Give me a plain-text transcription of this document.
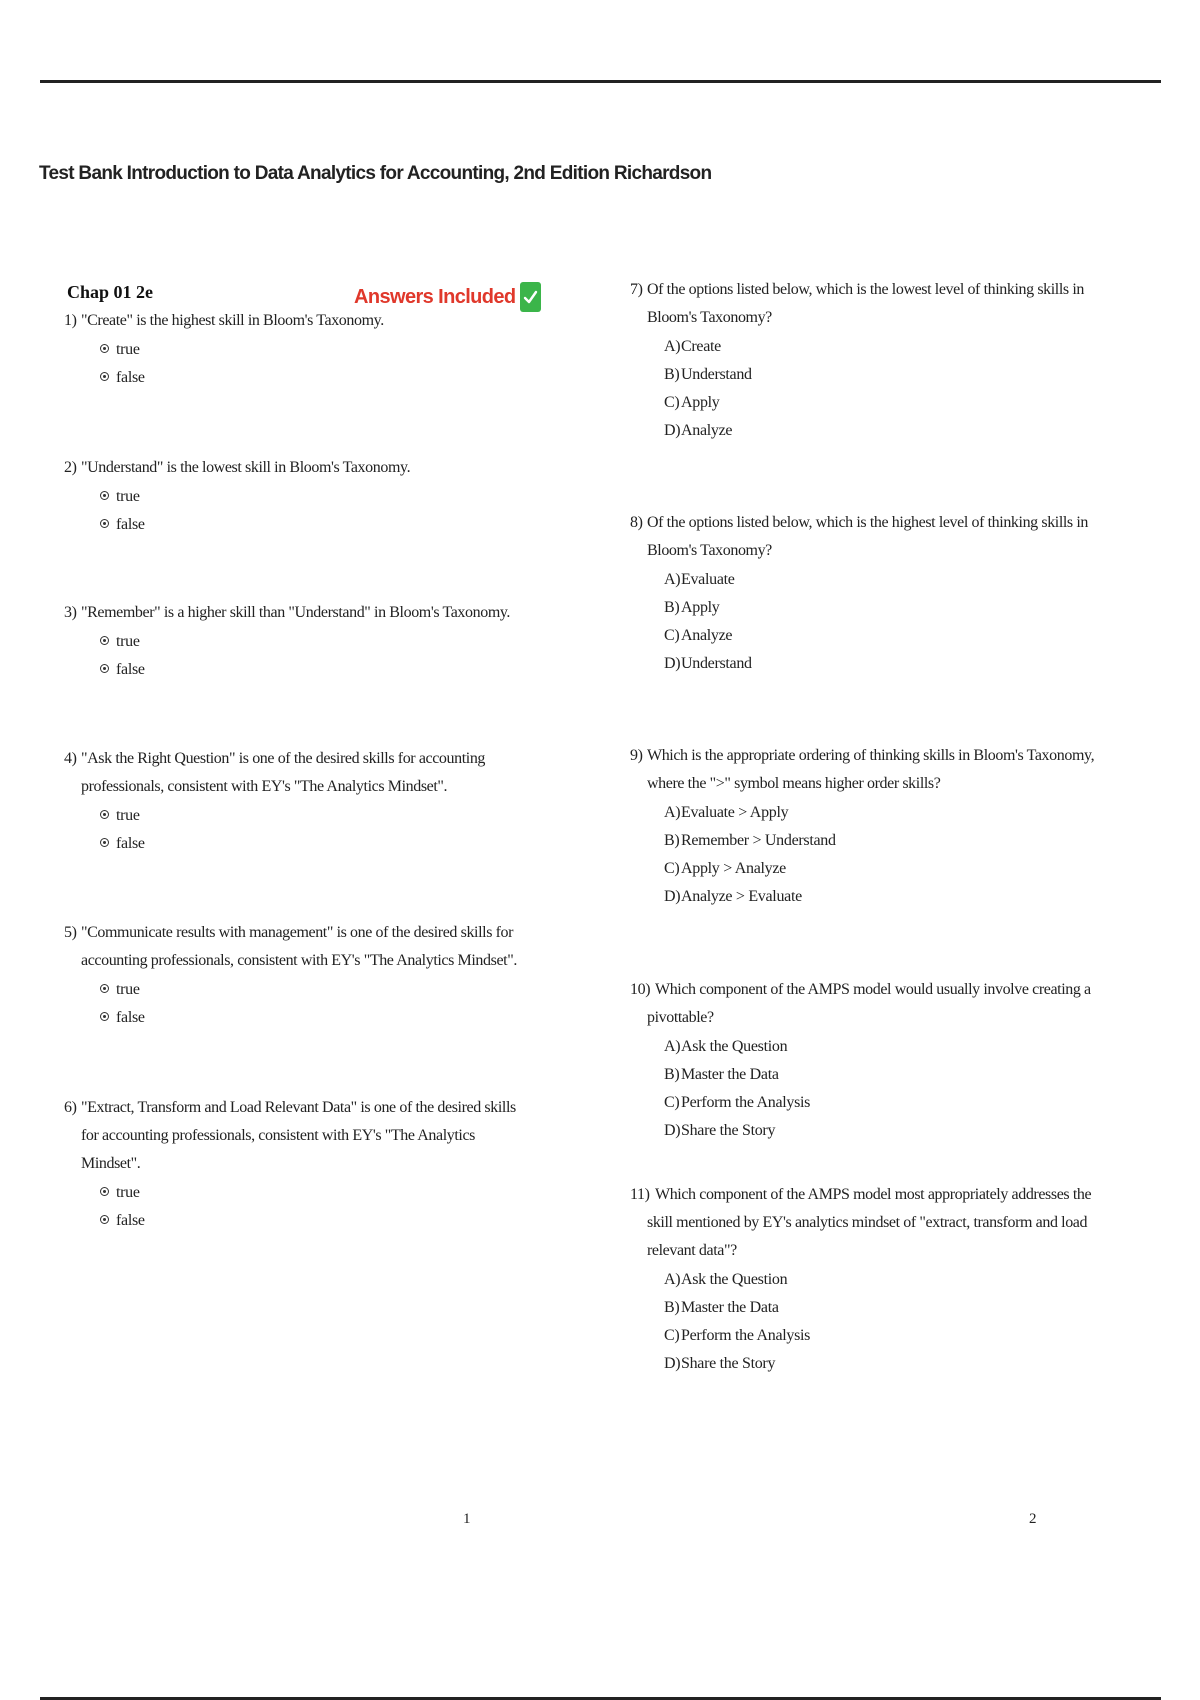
Test Bank Introduction to Data Analytics for Accounting, 2nd Edition Richardson
Chap 01 2e	Answers Included
1) "Create" is the highest skill in Bloom's Taxonomy.
true
false
2) "Understand" is the lowest skill in Bloom's Taxonomy.
true
false
3) "Remember" is a higher skill than "Understand" in Bloom's Taxonomy.
true
false
4) "Ask the Right Question" is one of the desired skills for accounting professionals, consistent with EY's "The Analytics Mindset".
true
false
5) "Communicate results with management" is one of the desired skills for accounting professionals, consistent with EY's "The Analytics Mindset".
true
false
6) "Extract, Transform and Load Relevant Data" is one of the desired skills for accounting professionals, consistent with EY's "The Analytics Mindset".
true
false
7) Of the options listed below, which is the lowest level of thinking skills in Bloom's Taxonomy?
A) Create
B) Understand
C) Apply
D) Analyze
8) Of the options listed below, which is the highest level of thinking skills in Bloom's Taxonomy?
A) Evaluate
B) Apply
C) Analyze
D) Understand
9) Which is the appropriate ordering of thinking skills in Bloom's Taxonomy, where the ">" symbol means higher order skills?
A) Evaluate > Apply
B) Remember > Understand
C) Apply > Analyze
D) Analyze > Evaluate
10) Which component of the AMPS model would usually involve creating a pivottable?
A) Ask the Question
B) Master the Data
C) Perform the Analysis
D) Share the Story
11) Which component of the AMPS model most appropriately addresses the skill mentioned by EY's analytics mindset of "extract, transform and load relevant data"?
A) Ask the Question
B) Master the Data
C) Perform the Analysis
D) Share the Story
1	2
